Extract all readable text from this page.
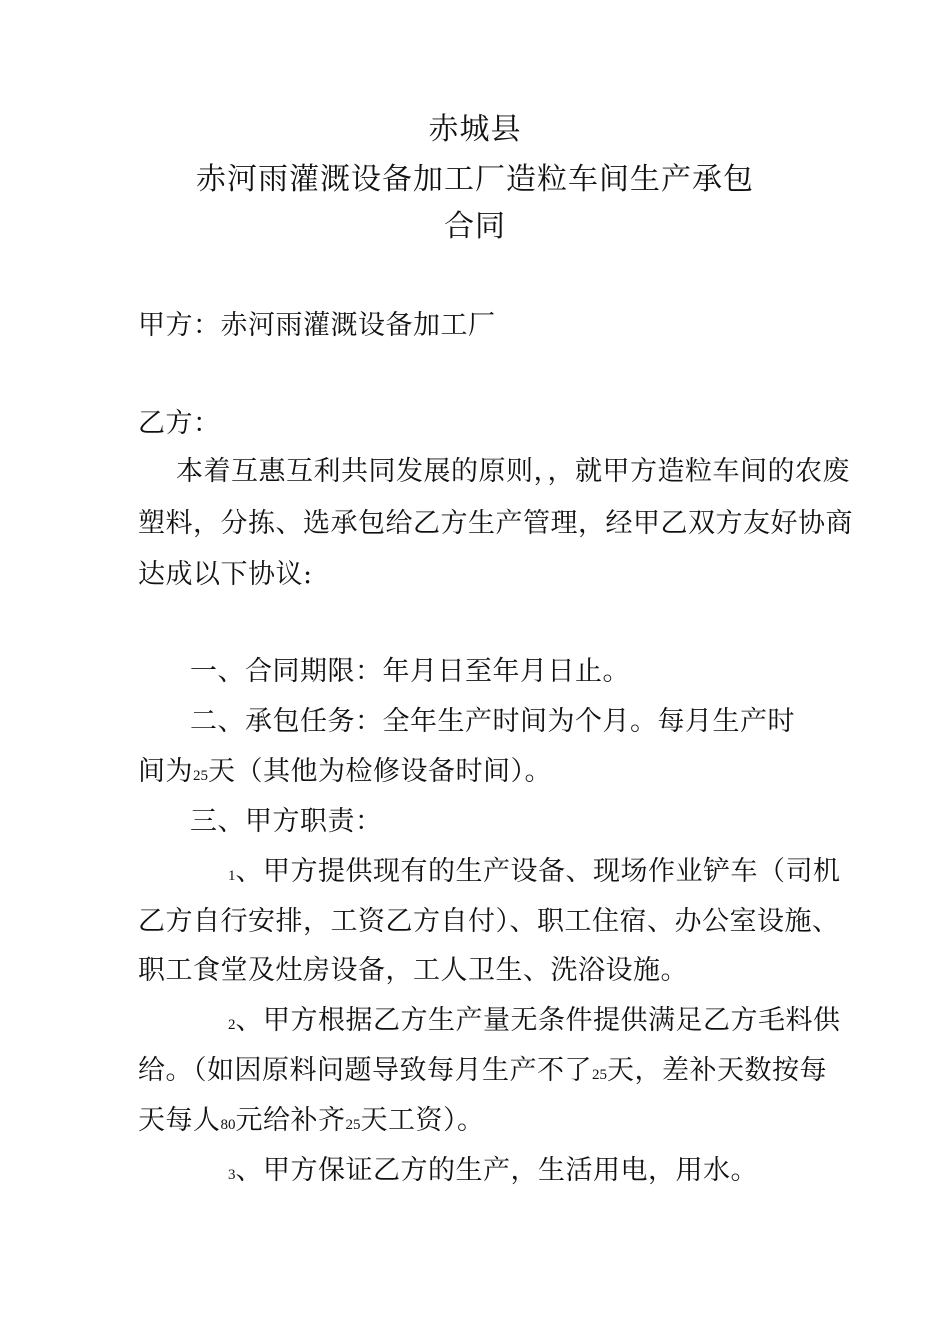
赤城县
赤河雨灌溉设备加工厂造粒车间生产承包
合同
甲方：赤河雨灌溉设备加工厂
乙方：
本着互惠互利共同发展的原则，，就甲方造粒车间的农废
塑料，分拣、选承包给乙方生产管理，经甲乙双方友好协商
达成以下协议:
一、合同期限：年月日至年月日止。
二、承包任务：全年生产时间为个月。每月生产时
间为25天（其他为检修设备时间）。
三、甲方职责：
1、甲方提供现有的生产设备、现场作业铲车（司机
乙方自行安排，工资乙方自付）、职工住宿、办公室设施、
职工食堂及灶房设备，工人卫生、洗浴设施。
2、甲方根据乙方生产量无条件提供满足乙方毛料供
给。（如因原料问题导致每月生产不了25天，差补天数按每
天每人80元给补齐25天工资）。
3、甲方保证乙方的生产，生活用电，用水。
